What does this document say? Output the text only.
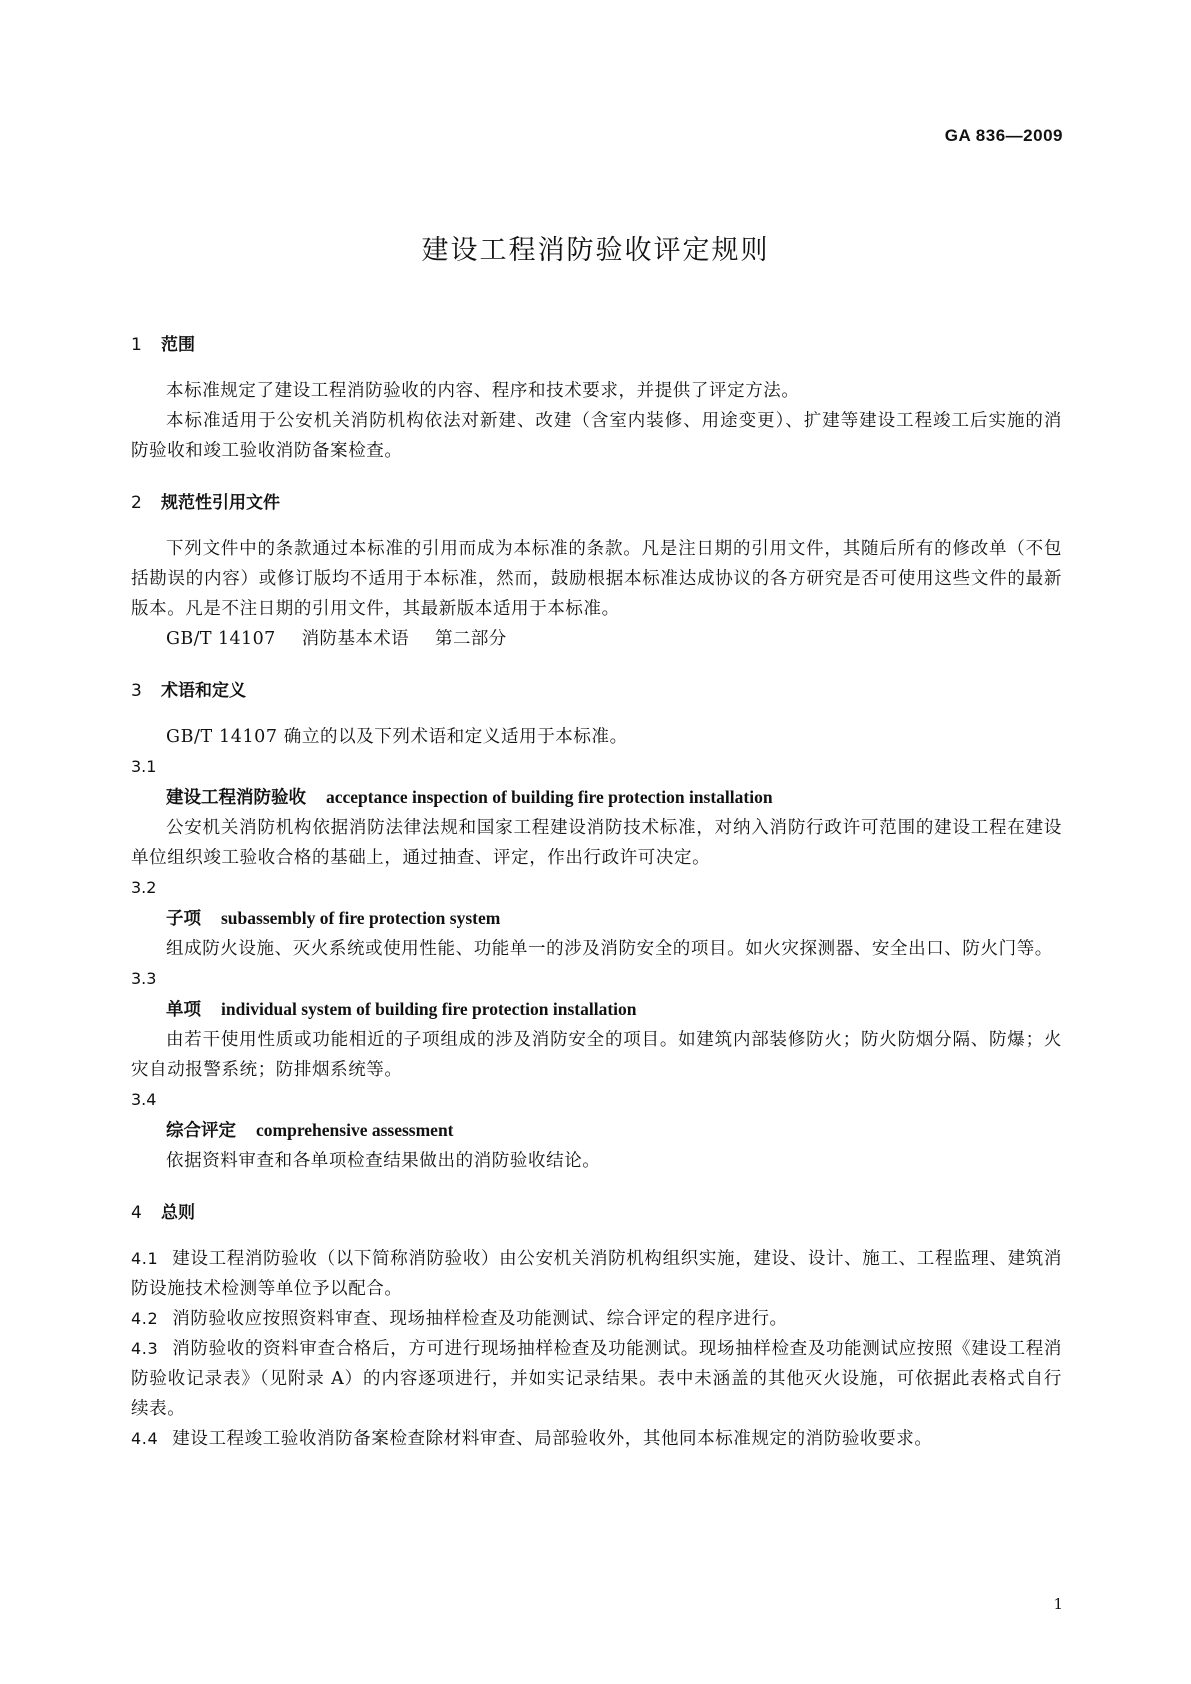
GA 836—2009
建设工程消防验收评定规则
1 范围

本标准规定了建设工程消防验收的内容、程序和技术要求，并提供了评定方法。

本标准适用于公安机关消防机构依法对新建、改建（含室内装修、用途变更）、扩建等建设工程竣工后实施的消防验收和竣工验收消防备案检查。

2 规范性引用文件

下列文件中的条款通过本标准的引用而成为本标准的条款。凡是注日期的引用文件，其随后所有的修改单（不包括勘误的内容）或修订版均不适用于本标准，然而，鼓励根据本标准达成协议的各方研究是否可使用这些文件的最新版本。凡是不注日期的引用文件，其最新版本适用于本标准。

GB/T 14107 消防基本术语 第二部分

3 术语和定义

GB/T 14107 确立的以及下列术语和定义适用于本标准。

3.1

建设工程消防验收 acceptance inspection of building fire protection installation

公安机关消防机构依据消防法律法规和国家工程建设消防技术标准，对纳入消防行政许可范围的建设工程在建设单位组织竣工验收合格的基础上，通过抽查、评定，作出行政许可决定。

3.2

子项 subassembly of fire protection system

组成防火设施、灭火系统或使用性能、功能单一的涉及消防安全的项目。如火灾探测器、安全出口、防火门等。

3.3

单项 individual system of building fire protection installation

由若干使用性质或功能相近的子项组成的涉及消防安全的项目。如建筑内部装修防火；防火防烟分隔、防爆；火灾自动报警系统；防排烟系统等。

3.4

综合评定 comprehensive assessment

依据资料审查和各单项检查结果做出的消防验收结论。

4 总则

4.1 建设工程消防验收（以下简称消防验收）由公安机关消防机构组织实施，建设、设计、施工、工程监理、建筑消防设施技术检测等单位予以配合。

4.2 消防验收应按照资料审查、现场抽样检查及功能测试、综合评定的程序进行。

4.3 消防验收的资料审查合格后，方可进行现场抽样检查及功能测试。现场抽样检查及功能测试应按照《建设工程消防验收记录表》（见附录 A）的内容逐项进行，并如实记录结果。表中未涵盖的其他灭火设施，可依据此表格式自行续表。

4.4 建设工程竣工验收消防备案检查除材料审查、局部验收外，其他同本标准规定的消防验收要求。

1
